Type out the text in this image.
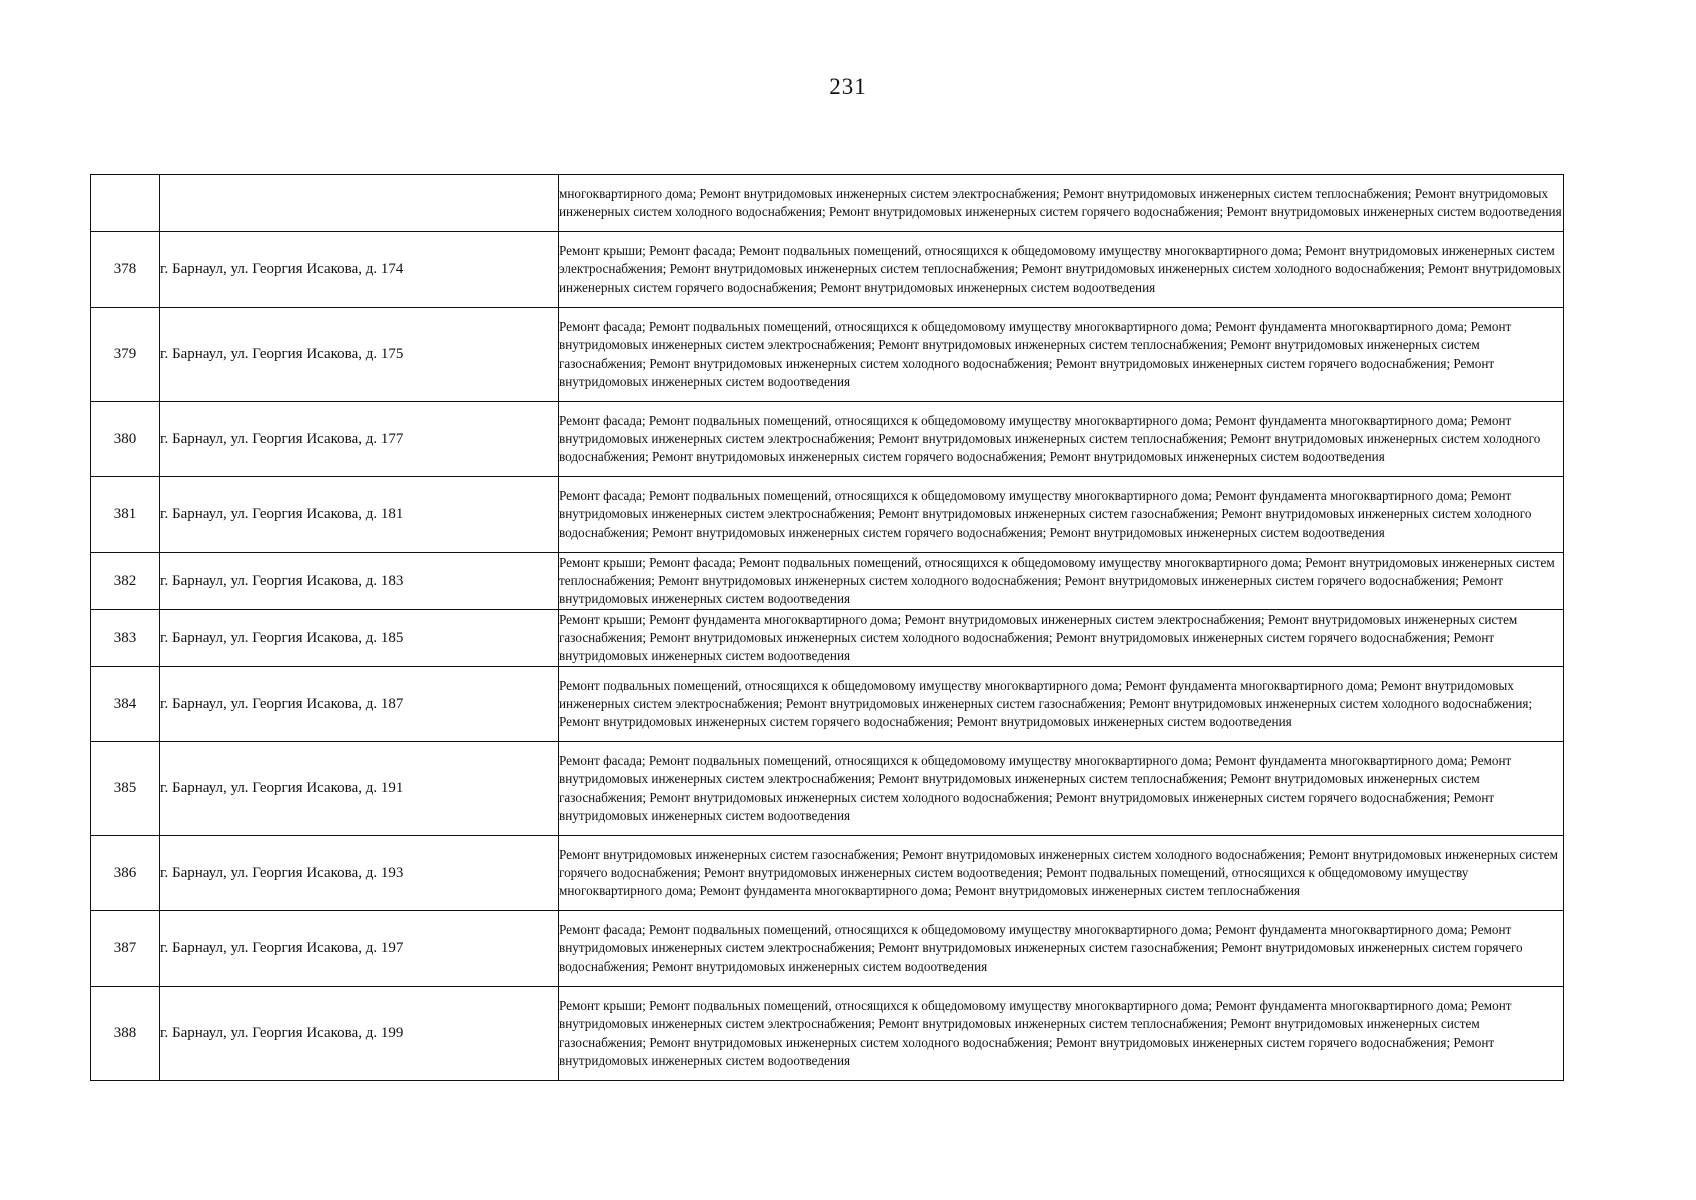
231
		многоквартирного дома; Ремонт внутридомовых инженерных систем электроснабжения; Ремонт внутридомовых инженерных систем теплоснабжения; Ремонт внутридомовых инженерных систем холодного водоснабжения; Ремонт внутридомовых инженерных систем горячего водоснабжения; Ремонт внутридомовых инженерных систем водоотведения
378	г. Барнаул, ул. Георгия Исакова, д. 174	Ремонт крыши; Ремонт фасада; Ремонт подвальных помещений, относящихся к общедомовому имуществу многоквартирного дома; Ремонт внутридомовых инженерных систем электроснабжения; Ремонт внутридомовых инженерных систем теплоснабжения; Ремонт внутридомовых инженерных систем холодного водоснабжения; Ремонт внутридомовых инженерных систем горячего водоснабжения; Ремонт внутридомовых инженерных систем водоотведения
379	г. Барнаул, ул. Георгия Исакова, д. 175	Ремонт фасада; Ремонт подвальных помещений, относящихся к общедомовому имуществу многоквартирного дома; Ремонт фундамента многоквартирного дома; Ремонт внутридомовых инженерных систем электроснабжения; Ремонт внутридомовых инженерных систем теплоснабжения; Ремонт внутридомовых инженерных систем газоснабжения; Ремонт внутридомовых инженерных систем холодного водоснабжения; Ремонт внутридомовых инженерных систем горячего водоснабжения; Ремонт внутридомовых инженерных систем водоотведения
380	г. Барнаул, ул. Георгия Исакова, д. 177	Ремонт фасада; Ремонт подвальных помещений, относящихся к общедомовому имуществу многоквартирного дома; Ремонт фундамента многоквартирного дома; Ремонт внутридомовых инженерных систем электроснабжения; Ремонт внутридомовых инженерных систем теплоснабжения; Ремонт внутридомовых инженерных систем холодного водоснабжения; Ремонт внутридомовых инженерных систем горячего водоснабжения; Ремонт внутридомовых инженерных систем водоотведения
381	г. Барнаул, ул. Георгия Исакова, д. 181	Ремонт фасада; Ремонт подвальных помещений, относящихся к общедомовому имуществу многоквартирного дома; Ремонт фундамента многоквартирного дома; Ремонт внутридомовых инженерных систем электроснабжения; Ремонт внутридомовых инженерных систем газоснабжения; Ремонт внутридомовых инженерных систем холодного водоснабжения; Ремонт внутридомовых инженерных систем горячего водоснабжения; Ремонт внутридомовых инженерных систем водоотведения
382	г. Барнаул, ул. Георгия Исакова, д. 183	Ремонт крыши; Ремонт фасада; Ремонт подвальных помещений, относящихся к общедомовому имуществу многоквартирного дома; Ремонт внутридомовых инженерных систем теплоснабжения; Ремонт внутридомовых инженерных систем холодного водоснабжения; Ремонт внутридомовых инженерных систем горячего водоснабжения; Ремонт внутридомовых инженерных систем водоотведения
383	г. Барнаул, ул. Георгия Исакова, д. 185	Ремонт крыши; Ремонт фундамента многоквартирного дома; Ремонт внутридомовых инженерных систем электроснабжения; Ремонт внутридомовых инженерных систем газоснабжения; Ремонт внутридомовых инженерных систем холодного водоснабжения; Ремонт внутридомовых инженерных систем горячего водоснабжения; Ремонт внутридомовых инженерных систем водоотведения
384	г. Барнаул, ул. Георгия Исакова, д. 187	Ремонт подвальных помещений, относящихся к общедомовому имуществу многоквартирного дома; Ремонт фундамента многоквартирного дома; Ремонт внутридомовых инженерных систем электроснабжения; Ремонт внутридомовых инженерных систем газоснабжения; Ремонт внутридомовых инженерных систем холодного водоснабжения; Ремонт внутридомовых инженерных систем горячего водоснабжения; Ремонт внутридомовых инженерных систем водоотведения
385	г. Барнаул, ул. Георгия Исакова, д. 191	Ремонт фасада; Ремонт подвальных помещений, относящихся к общедомовому имуществу многоквартирного дома; Ремонт фундамента многоквартирного дома; Ремонт внутридомовых инженерных систем электроснабжения; Ремонт внутридомовых инженерных систем теплоснабжения; Ремонт внутридомовых инженерных систем газоснабжения; Ремонт внутридомовых инженерных систем холодного водоснабжения; Ремонт внутридомовых инженерных систем горячего водоснабжения; Ремонт внутридомовых инженерных систем водоотведения
386	г. Барнаул, ул. Георгия Исакова, д. 193	Ремонт внутридомовых инженерных систем газоснабжения; Ремонт внутридомовых инженерных систем холодного водоснабжения; Ремонт внутридомовых инженерных систем горячего водоснабжения; Ремонт внутридомовых инженерных систем водоотведения; Ремонт подвальных помещений, относящихся к общедомовому имуществу многоквартирного дома; Ремонт фундамента многоквартирного дома; Ремонт внутридомовых инженерных систем теплоснабжения
387	г. Барнаул, ул. Георгия Исакова, д. 197	Ремонт фасада; Ремонт подвальных помещений, относящихся к общедомовому имуществу многоквартирного дома; Ремонт фундамента многоквартирного дома; Ремонт внутридомовых инженерных систем электроснабжения; Ремонт внутридомовых инженерных систем газоснабжения; Ремонт внутридомовых инженерных систем горячего водоснабжения; Ремонт внутридомовых инженерных систем водоотведения
388	г. Барнаул, ул. Георгия Исакова, д. 199	Ремонт крыши; Ремонт подвальных помещений, относящихся к общедомовому имуществу многоквартирного дома; Ремонт фундамента многоквартирного дома; Ремонт внутридомовых инженерных систем электроснабжения; Ремонт внутридомовых инженерных систем теплоснабжения; Ремонт внутридомовых инженерных систем газоснабжения; Ремонт внутридомовых инженерных систем холодного водоснабжения; Ремонт внутридомовых инженерных систем горячего водоснабжения; Ремонт внутридомовых инженерных систем водоотведения
